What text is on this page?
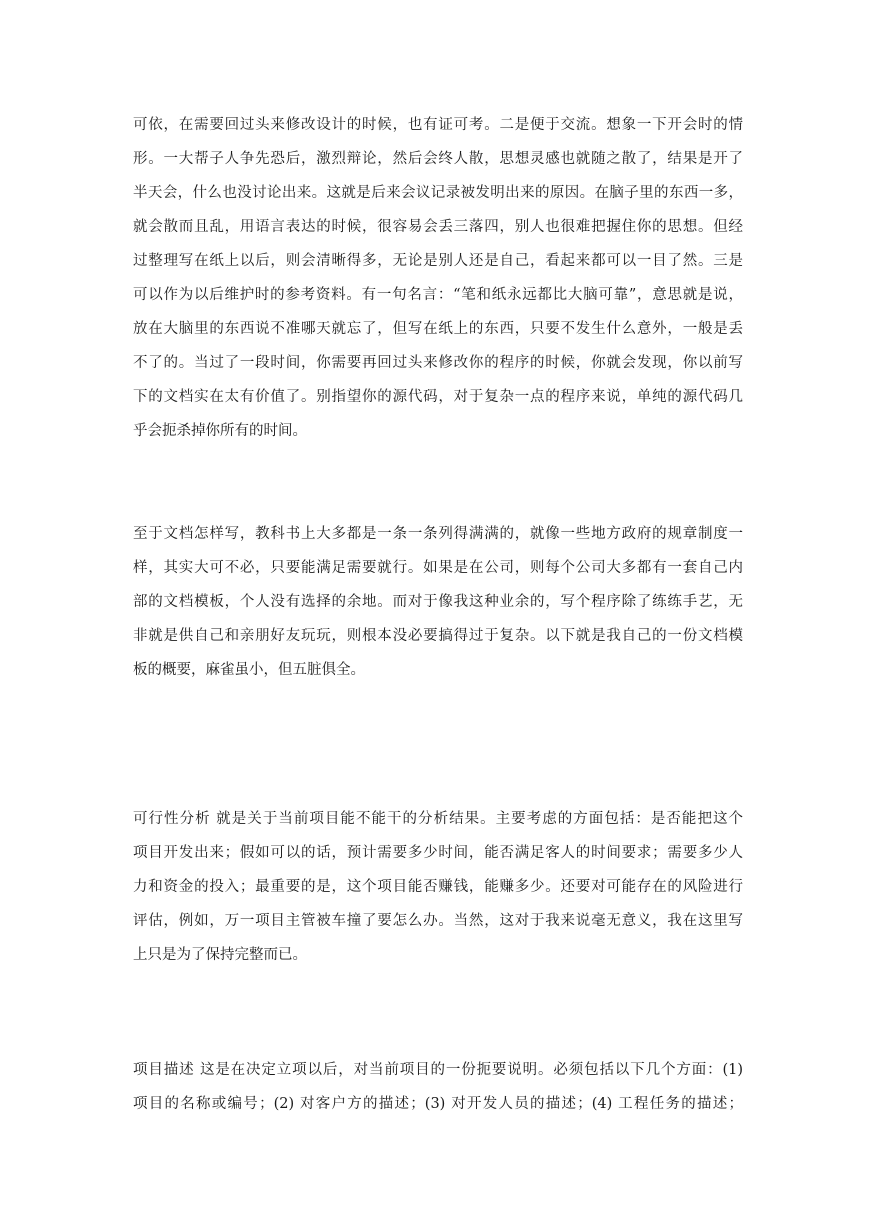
可依，在需要回过头来修改设计的时候，也有证可考。二是便于交流。想象一下开会时的情
形。一大帮子人争先恐后，激烈辩论，然后会终人散，思想灵感也就随之散了，结果是开了
半天会，什么也没讨论出来。这就是后来会议记录被发明出来的原因。在脑子里的东西一多，
就会散而且乱，用语言表达的时候，很容易会丢三落四，别人也很难把握住你的思想。但经
过整理写在纸上以后，则会清晰得多，无论是别人还是自己，看起来都可以一目了然。三是
可以作为以后维护时的参考资料。有一句名言：“笔和纸永远都比大脑可靠”，意思就是说，
放在大脑里的东西说不准哪天就忘了，但写在纸上的东西，只要不发生什么意外，一般是丢
不了的。当过了一段时间，你需要再回过头来修改你的程序的时候，你就会发现，你以前写
下的文档实在太有价值了。别指望你的源代码，对于复杂一点的程序来说，单纯的源代码几
乎会扼杀掉你所有的时间。
至于文档怎样写，教科书上大多都是一条一条列得满满的，就像一些地方政府的规章制度一
样，其实大可不必，只要能满足需要就行。如果是在公司，则每个公司大多都有一套自己内
部的文档模板，个人没有选择的余地。而对于像我这种业余的，写个程序除了练练手艺，无
非就是供自己和亲朋好友玩玩，则根本没必要搞得过于复杂。以下就是我自己的一份文档模
板的概要，麻雀虽小，但五脏俱全。
可行性分析 就是关于当前项目能不能干的分析结果。主要考虑的方面包括：是否能把这个
项目开发出来；假如可以的话，预计需要多少时间，能否满足客人的时间要求；需要多少人
力和资金的投入；最重要的是，这个项目能否赚钱，能赚多少。还要对可能存在的风险进行
评估，例如，万一项目主管被车撞了要怎么办。当然，这对于我来说毫无意义，我在这里写
上只是为了保持完整而已。
项目描述 这是在决定立项以后，对当前项目的一份扼要说明。必须包括以下几个方面：(1)
项目的名称或编号；(2) 对客户方的描述；(3) 对开发人员的描述；(4) 工程任务的描述；
